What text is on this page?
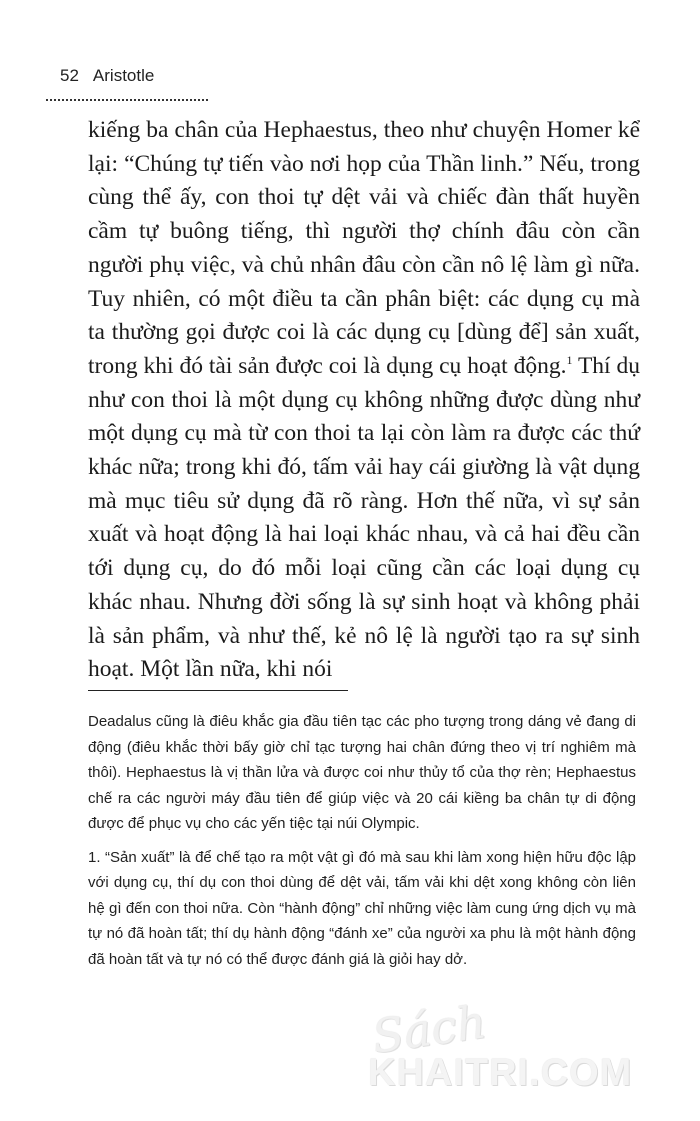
52 Aristotle

kiếng ba chân của Hephaestus, theo như chuyện Homer kể lại: “Chúng tự tiến vào nơi họp của Thần linh.” Nếu, trong cùng thể ấy, con thoi tự dệt vải và chiếc đàn thất huyền cầm tự buông tiếng, thì người thợ chính đâu còn cần người phụ việc, và chủ nhân đâu còn cần nô lệ làm gì nữa. Tuy nhiên, có một điều ta cần phân biệt: các dụng cụ mà ta thường gọi được coi là các dụng cụ [dùng để] sản xuất, trong khi đó tài sản được coi là dụng cụ hoạt động.$^1$ Thí dụ như con thoi là một dụng cụ không những được dùng như một dụng cụ mà từ con thoi ta lại còn làm ra được các thứ khác nữa; trong khi đó, tấm vải hay cái giường là vật dụng mà mục tiêu sử dụng đã rõ ràng. Hơn thế nữa, vì sự sản xuất và hoạt động là hai loại khác nhau, và cả hai đều cần tới dụng cụ, do đó mỗi loại cũng cần các loại dụng cụ khác nhau. Nhưng đời sống là sự sinh hoạt và không phải là sản phẩm, và như thế, kẻ nô lệ là người tạo ra sự sinh hoạt. Một lần nữa, khi nói

Deadalus cũng là điêu khắc gia đầu tiên tạc các pho tượng trong dáng vẻ đang di động (điêu khắc thời bấy giờ chỉ tạc tượng hai chân đứng theo vị trí nghiêm mà thôi). Hephaestus là vị thần lửa và được coi như thủy tổ của thợ rèn; Hephaestus chế ra các người máy đầu tiên để giúp việc và 20 cái kiềng ba chân tự di động được để phục vụ cho các yến tiệc tại núi Olympic.

1. “Sản xuất” là để chế tạo ra một vật gì đó mà sau khi làm xong hiện hữu độc lập với dụng cụ, thí dụ con thoi dùng để dệt vải, tấm vải khi dệt xong không còn liên hệ gì đến con thoi nữa. Còn “hành động” chỉ những việc làm cung ứng dịch vụ mà tự nó đã hoàn tất; thí dụ hành động “đánh xe” của người xa phu là một hành động đã hoàn tất và tự nó có thể được đánh giá là giỏi hay dở.

Sách
KHAITRI.COM
